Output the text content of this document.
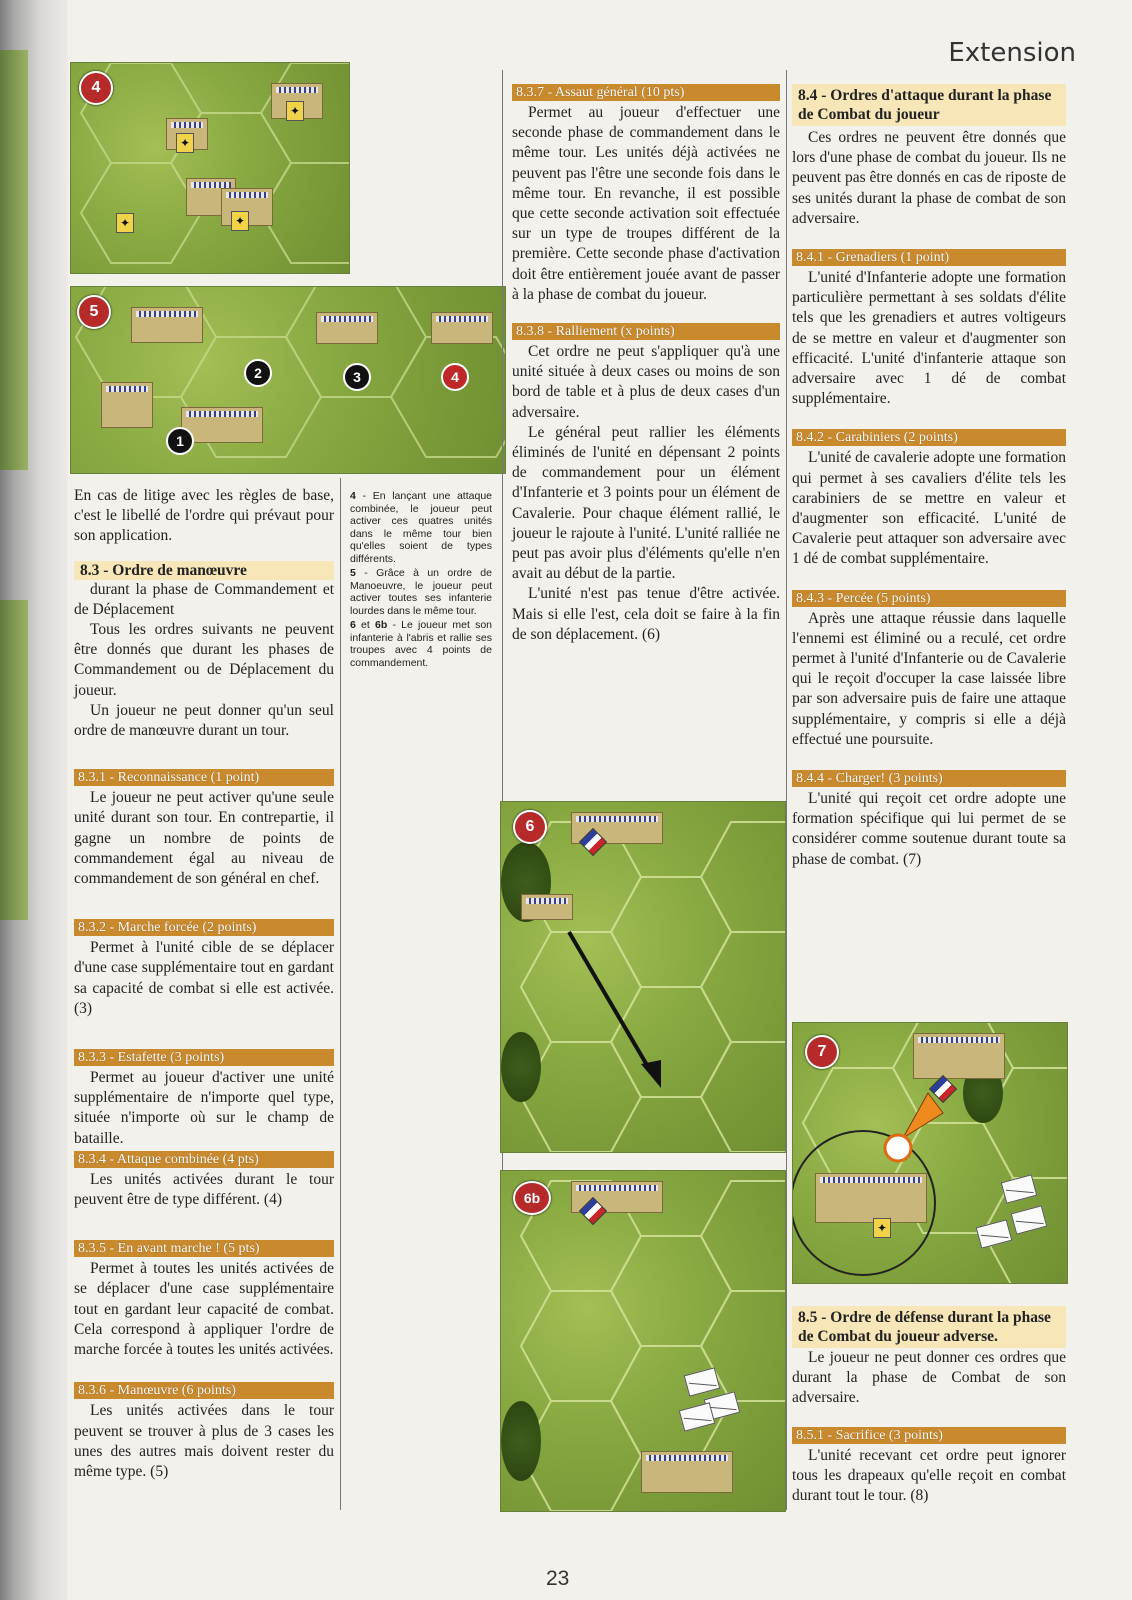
Extension
4
✦
✦
✦	✦
5
1
2	3	4

En cas de litige avec les règles de base, c'est le libellé de l'ordre qui prévaut pour son application.

8.3 - Ordre de manœuvre

durant la phase de Commandement et de Déplacement

Tous les ordres suivants ne peuvent être donnés que durant les phases de Commandement ou de Déplacement du joueur.

Un joueur ne peut donner qu'un seul ordre de manœuvre durant un tour.

8.3.1 - Reconnaissance (1 point)

Le joueur ne peut activer qu'une seule unité durant son tour. En contrepartie, il gagne un nombre de points de commandement égal au niveau de commandement de son général en chef.

8.3.2 - Marche forcée (2 points)

Permet à l'unité cible de se déplacer d'une case supplémentaire tout en gardant sa capacité de combat si elle est activée. (3)

8.3.3 - Estafette (3 points)

Permet au joueur d'activer une unité supplémentaire de n'importe quel type, située n'importe où sur le champ de bataille.

8.3.4 - Attaque combinée (4 pts)

Les unités activées durant le tour peuvent être de type différent. (4)

8.3.5 - En avant marche ! (5 pts)

Permet à toutes les unités activées de se déplacer d'une case supplémentaire tout en gardant leur capacité de combat. Cela correspond à appliquer l'ordre de marche forcée à toutes les unités activées.

8.3.6 - Manœuvre (6 points)

Les unités activées dans le tour peuvent se trouver à plus de 3 cases les unes des autres mais doivent rester du même type. (5)

4 - En lançant une attaque combinée, le joueur peut activer ces quatres unités dans le même tour bien qu'elles soient de types différents.

5 - Grâce à un ordre de Manoeuvre, le joueur peut activer toutes ses infanterie lourdes dans le même tour.

6 et 6b - Le joueur met son infanterie à l'abris et rallie ses troupes avec 4 points de commandement.

8.3.7 - Assaut général (10 pts)

Permet au joueur d'effectuer une seconde phase de commandement dans le même tour. Les unités déjà activées ne peuvent pas l'être une seconde fois dans le même tour. En revanche, il est possible que cette seconde activation soit effectuée sur un type de troupes différent de la première. Cette seconde phase d'activation doit être entièrement jouée avant de passer à la phase de combat du joueur.

8.3.8 - Ralliement (x points)

Cet ordre ne peut s'appliquer qu'à une unité située à deux cases ou moins de son bord de table et à plus de deux cases d'un adversaire.

Le général peut rallier les éléments éliminés de l'unité en dépensant 2 points de commandement pour un élément d'Infanterie et 3 points pour un élément de Cavalerie. Pour chaque élément rallié, le joueur le rajoute à l'unité. L'unité ralliée ne peut pas avoir plus d'éléments qu'elle n'en avait au début de la partie.

L'unité n'est pas tenue d'être activée. Mais si elle l'est, cela doit se faire à la fin de son déplacement. (6)

6
6b
8.4 - Ordres d'attaque durant la phase de Combat du joueur

Ces ordres ne peuvent être donnés que lors d'une phase de combat du joueur. Ils ne peuvent pas être donnés en cas de riposte de ses unités durant la phase de combat de son adversaire.

8.4.1 - Grenadiers (1 point)

L'unité d'Infanterie adopte une formation particulière permettant à ses soldats d'élite tels que les grenadiers et autres voltigeurs de se mettre en valeur et d'augmenter son efficacité. L'unité d'infanterie attaque son adversaire avec 1 dé de combat supplémentaire.

8.4.2 - Carabiniers (2 points)

L'unité de cavalerie adopte une formation qui permet à ses cavaliers d'élite tels les carabiniers de se mettre en valeur et d'augmenter son efficacité. L'unité de Cavalerie peut attaquer son adversaire avec 1 dé de combat supplémentaire.

8.4.3 - Percée (5 points)

Après une attaque réussie dans laquelle l'ennemi est éliminé ou a reculé, cet ordre permet à l'unité d'Infanterie ou de Cavalerie qui le reçoit d'occuper la case laissée libre par son adversaire puis de faire une attaque supplémentaire, y compris si elle a déjà effectué une poursuite.

8.4.4 - Charger! (3 points)

L'unité qui reçoit cet ordre adopte une formation spécifique qui lui permet de se considérer comme soutenue durant toute sa phase de combat. (7)

7
✦
8.5 - Ordre de défense durant la phase de Combat du joueur adverse.

Le joueur ne peut donner ces ordres que durant la phase de Combat de son adversaire.

8.5.1 - Sacrifice (3 points)

L'unité recevant cet ordre peut ignorer tous les drapeaux qu'elle reçoit en combat durant tout le tour. (8)

23
